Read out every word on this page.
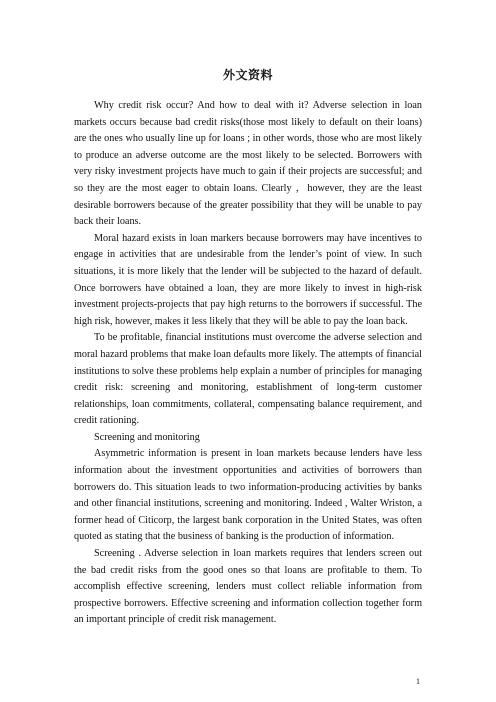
外文资料

Why credit risk occur? And how to deal with it? Adverse selection in loan markets occurs because bad credit risks(those most likely to default on their loans) are the ones who usually line up for loans ; in other words, those who are most likely to produce an adverse outcome are the most likely to be selected. Borrowers with very risky investment projects have much to gain if their projects are successful; and so they are the most eager to obtain loans. Clearly ，however, they are the least desirable borrowers because of the greater possibility that they will be unable to pay back their loans.

Moral hazard exists in loan markers because borrowers may have incentives to engage in activities that are undesirable from the lender’s point of view. In such situations, it is more likely that the lender will be subjected to the hazard of default. Once borrowers have obtained a loan, they are more likely to invest in high-risk investment projects-projects that pay high returns to the borrowers if successful. The high risk, however, makes it less likely that they will be able to pay the loan back.

To be profitable, financial institutions must overcome the adverse selection and moral hazard problems that make loan defaults more likely. The attempts of financial institutions to solve these problems help explain a number of principles for managing credit risk: screening and monitoring, establishment of long-term customer relationships, loan commitments, collateral, compensating balance requirement, and credit rationing.

Screening and monitoring

Asymmetric information is present in loan markets because lenders have less information about the investment opportunities and activities of borrowers than borrowers do. This situation leads to two information-producing activities by banks and other financial institutions, screening and monitoring. Indeed , Walter Wriston, a former head of Citicorp, the largest bank corporation in the United States, was often quoted as stating that the business of banking is the production of information.

Screening . Adverse selection in loan markets requires that lenders screen out the bad credit risks from the good ones so that loans are profitable to them. To accomplish effective screening, lenders must collect reliable information from prospective borrowers. Effective screening and information collection together form an important principle of credit risk management.

1
